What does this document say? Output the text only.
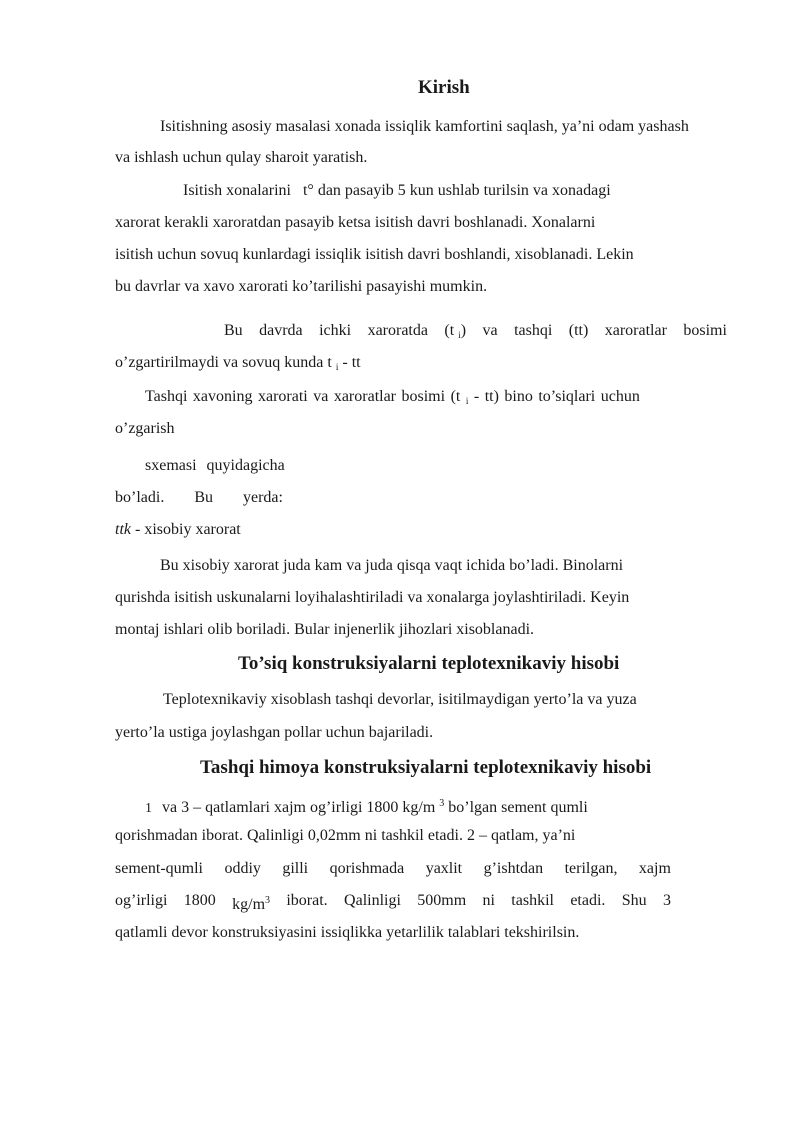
Kirish
Isitishning asosiy masalasi xonada issiqlik kamfortini saqlash, ya’ni odam yashash
va ishlash uchun qulay sharoit yaratish.
Isitish xonalarini   t° dan pasayib 5 kun ushlab turilsin va xonadagi
xarorat kerakli xaroratdan pasayib ketsa isitish davri boshlanadi. Xonalarni
isitish uchun sovuq kunlardagi issiqlik isitish davri boshlandi, xisoblanadi. Lekin
bu davrlar va xavo xarorati ko’tarilishi pasayishi mumkin.
Bu davrda ichki xaroratda (t $_i$) va tashqi (tt) xaroratlar bosimi
o’zgartirilmaydi va sovuq kunda t $_i$ - tt
Tashqi xavoning xarorati va xaroratlar bosimi (t $_i$ - tt) bino to’siqlari uchun
o’zgarish
sxemasi quyidagicha
bo’ladi. Bu yerda:
ttk - xisobiy xarorat
Bu xisobiy xarorat juda kam va juda qisqa vaqt ichida bo’ladi. Binolarni
qurishda isitish uskunalarni loyihalashtiriladi va xonalarga joylashtiriladi. Keyin
montaj ishlari olib boriladi. Bular injenerlik jihozlari xisoblanadi.
To’siq konstruksiyalarni teplotexnikaviy hisobi
Teplotexnikaviy xisoblash tashqi devorlar, isitilmaydigan yerto’la va yuza
yerto’la ustiga joylashgan pollar uchun bajariladi.
Tashqi himoya konstruksiyalarni teplotexnikaviy hisobi
1 va 3 – qatlamlari xajm og’irligi 1800 kg/m $^3$ bo’lgan sement qumli
qorishmadan iborat. Qalinligi 0,02mm ni tashkil etadi. 2 – qatlam, ya’ni
sement-qumli oddiy gilli qorishmada yaxlit g’ishtdan terilgan, xajm
og’irligi 1800 $kg/m^3$ iborat. Qalinligi 500mm ni tashkil etadi. Shu 3
qatlamli devor konstruksiyasini issiqlikka yetarlilik talablari tekshirilsin.
